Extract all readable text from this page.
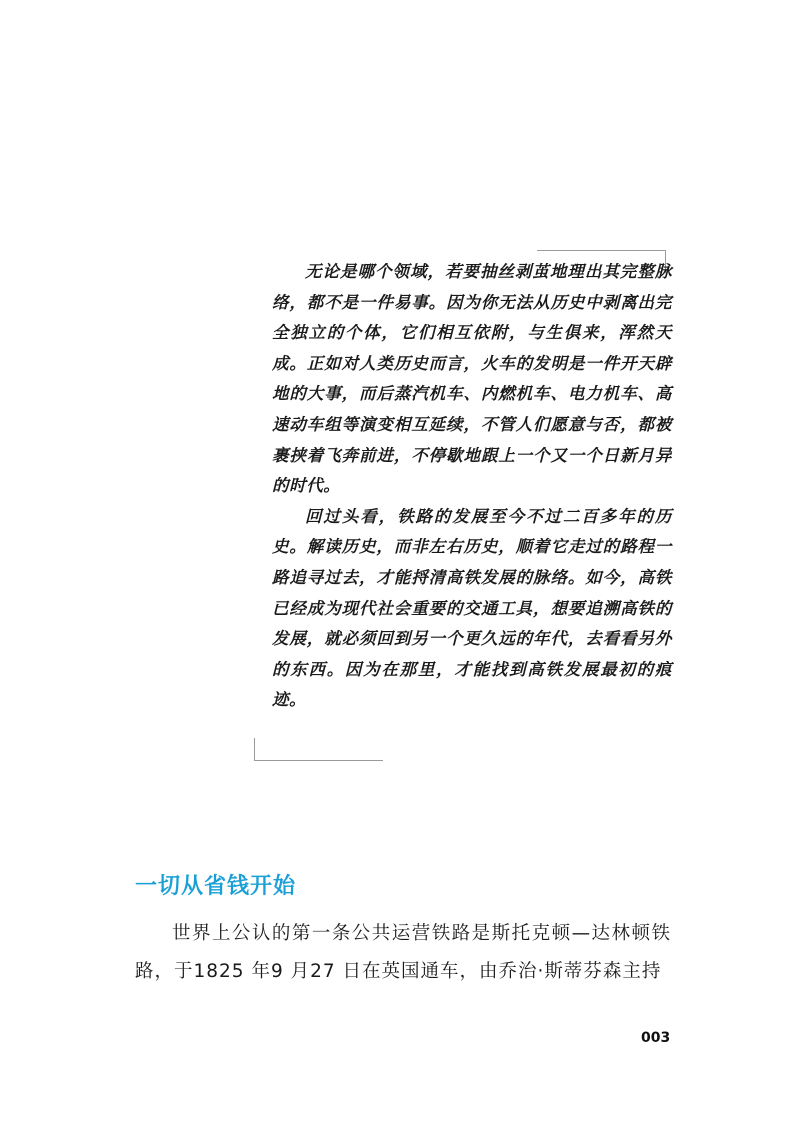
无论是哪个领域，若要抽丝剥茧地理出其完整脉络，都不是一件易事。因为你无法从历史中剥离出完全独立的个体，它们相互依附，与生俱来，浑然天成。正如对人类历史而言，火车的发明是一件开天辟地的大事，而后蒸汽机车、内燃机车、电力机车、高速动车组等演变相互延续，不管人们愿意与否，都被裹挟着飞奔前进，不停歇地跟上一个又一个日新月异的时代。

回过头看，铁路的发展至今不过二百多年的历史。解读历史，而非左右历史，顺着它走过的路程一路追寻过去，才能捋清高铁发展的脉络。如今，高铁已经成为现代社会重要的交通工具，想要追溯高铁的发展，就必须回到另一个更久远的年代，去看看另外的东西。因为在那里，才能找到高铁发展最初的痕迹。

一切从省钱开始

世界上公认的第一条公共运营铁路是斯托克顿—达林顿铁路，于1825 年9 月27 日在英国通车，由乔治·斯蒂芬森主持

003
